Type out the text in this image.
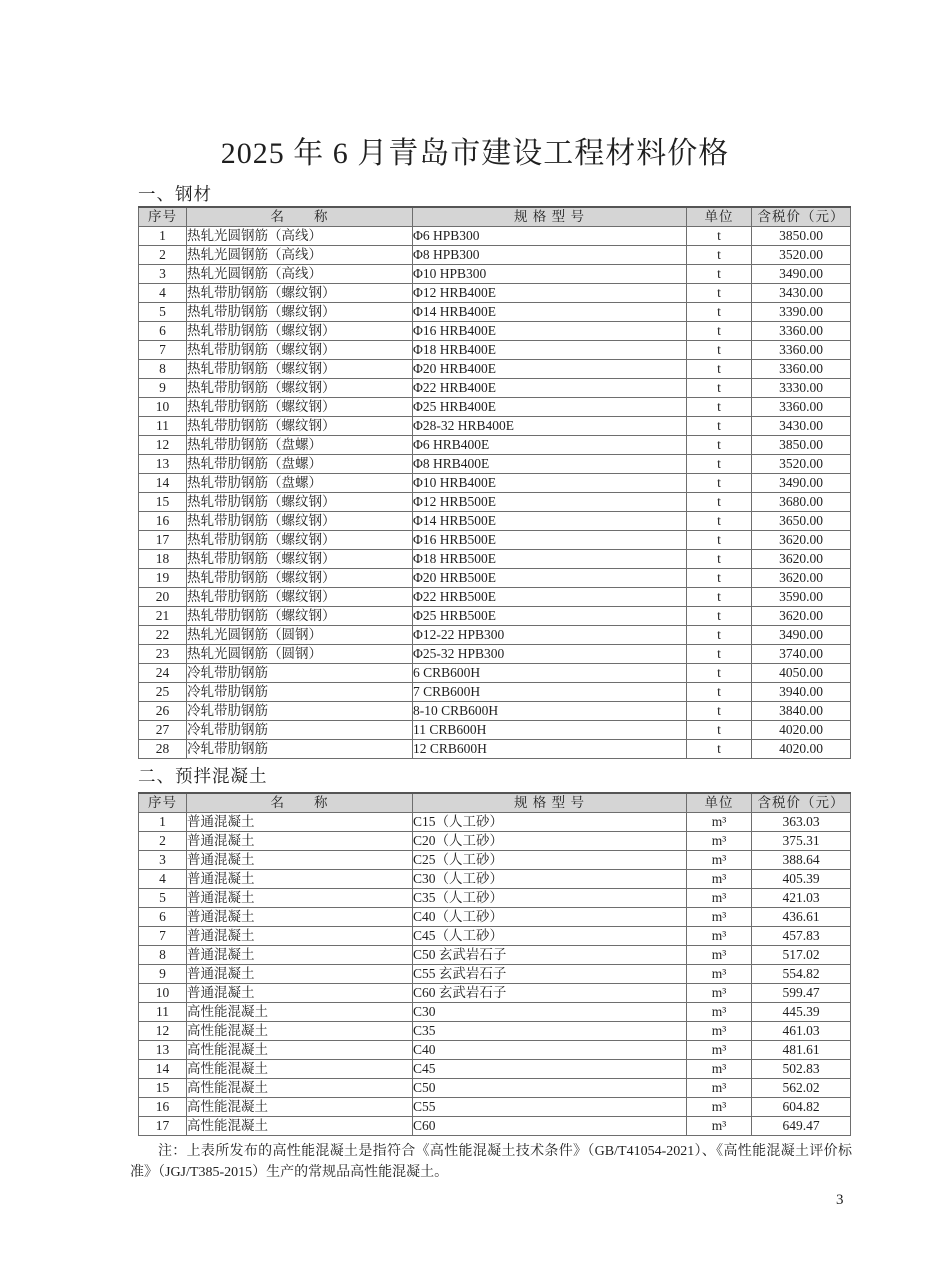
2025 年 6 月青岛市建设工程材料价格
一、钢材
序号	名　　称	规 格 型 号	单位	含税价（元）
1	热轧光圆钢筋（高线）	Φ6 HPB300	t	3850.00
2	热轧光圆钢筋（高线）	Φ8 HPB300	t	3520.00
3	热轧光圆钢筋（高线）	Φ10 HPB300	t	3490.00
4	热轧带肋钢筋（螺纹钢）	Φ12 HRB400E	t	3430.00
5	热轧带肋钢筋（螺纹钢）	Φ14 HRB400E	t	3390.00
6	热轧带肋钢筋（螺纹钢）	Φ16 HRB400E	t	3360.00
7	热轧带肋钢筋（螺纹钢）	Φ18 HRB400E	t	3360.00
8	热轧带肋钢筋（螺纹钢）	Φ20 HRB400E	t	3360.00
9	热轧带肋钢筋（螺纹钢）	Φ22 HRB400E	t	3330.00
10	热轧带肋钢筋（螺纹钢）	Φ25 HRB400E	t	3360.00
11	热轧带肋钢筋（螺纹钢）	Φ28-32 HRB400E	t	3430.00
12	热轧带肋钢筋（盘螺）	Φ6 HRB400E	t	3850.00
13	热轧带肋钢筋（盘螺）	Φ8 HRB400E	t	3520.00
14	热轧带肋钢筋（盘螺）	Φ10 HRB400E	t	3490.00
15	热轧带肋钢筋（螺纹钢）	Φ12 HRB500E	t	3680.00
16	热轧带肋钢筋（螺纹钢）	Φ14 HRB500E	t	3650.00
17	热轧带肋钢筋（螺纹钢）	Φ16 HRB500E	t	3620.00
18	热轧带肋钢筋（螺纹钢）	Φ18 HRB500E	t	3620.00
19	热轧带肋钢筋（螺纹钢）	Φ20 HRB500E	t	3620.00
20	热轧带肋钢筋（螺纹钢）	Φ22 HRB500E	t	3590.00
21	热轧带肋钢筋（螺纹钢）	Φ25 HRB500E	t	3620.00
22	热轧光圆钢筋（圆钢）	Φ12-22 HPB300	t	3490.00
23	热轧光圆钢筋（圆钢）	Φ25-32 HPB300	t	3740.00
24	冷轧带肋钢筋	6 CRB600H	t	4050.00
25	冷轧带肋钢筋	7 CRB600H	t	3940.00
26	冷轧带肋钢筋	8-10 CRB600H	t	3840.00
27	冷轧带肋钢筋	11 CRB600H	t	4020.00
28	冷轧带肋钢筋	12 CRB600H	t	4020.00
二、预拌混凝土
序号	名　　称	规 格 型 号	单位	含税价（元）
1	普通混凝土	C15（人工砂）	m³	363.03
2	普通混凝土	C20（人工砂）	m³	375.31
3	普通混凝土	C25（人工砂）	m³	388.64
4	普通混凝土	C30（人工砂）	m³	405.39
5	普通混凝土	C35（人工砂）	m³	421.03
6	普通混凝土	C40（人工砂）	m³	436.61
7	普通混凝土	C45（人工砂）	m³	457.83
8	普通混凝土	C50 玄武岩石子	m³	517.02
9	普通混凝土	C55 玄武岩石子	m³	554.82
10	普通混凝土	C60 玄武岩石子	m³	599.47
11	高性能混凝土	C30	m³	445.39
12	高性能混凝土	C35	m³	461.03
13	高性能混凝土	C40	m³	481.61
14	高性能混凝土	C45	m³	502.83
15	高性能混凝土	C50	m³	562.02
16	高性能混凝土	C55	m³	604.82
17	高性能混凝土	C60	m³	649.47

注：上表所发布的高性能混凝土是指符合《高性能混凝土技术条件》（GB/T41054-2021）、《高性能混凝土评价标准》（JGJ/T385-2015）生产的常规品高性能混凝土。

3
